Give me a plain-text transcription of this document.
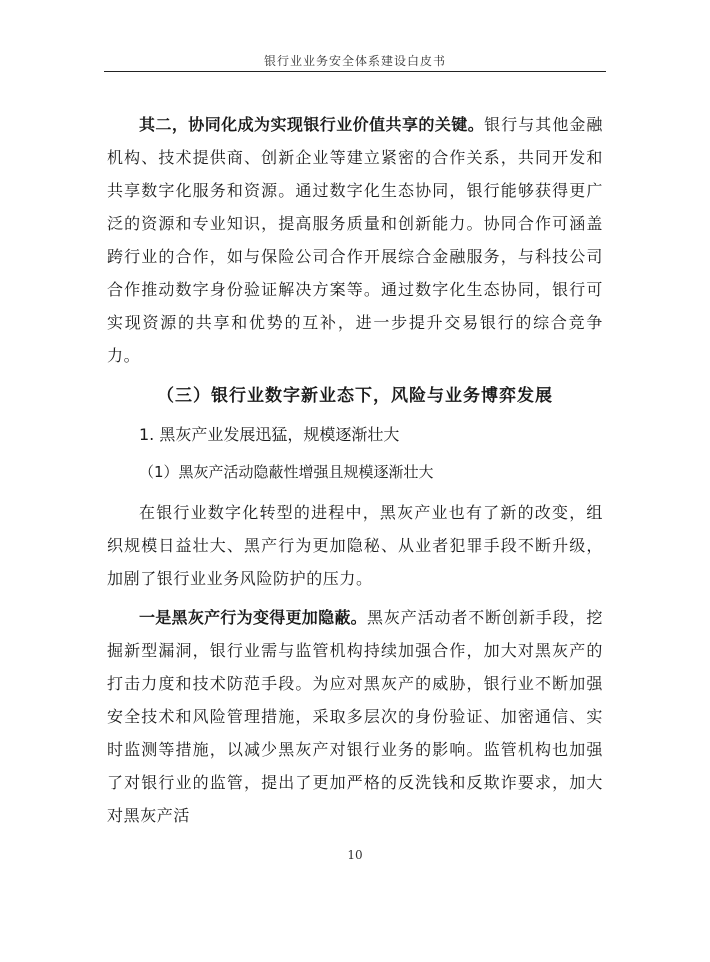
银行业业务安全体系建设白皮书

其二，协同化成为实现银行业价值共享的关键。银行与其他金融机构、技术提供商、创新企业等建立紧密的合作关系，共同开发和共享数字化服务和资源。通过数字化生态协同，银行能够获得更广泛的资源和专业知识，提高服务质量和创新能力。协同合作可涵盖跨行业的合作，如与保险公司合作开展综合金融服务，与科技公司合作推动数字身份验证解决方案等。通过数字化生态协同，银行可实现资源的共享和优势的互补，进一步提升交易银行的综合竞争力。

（三）银行业数字新业态下，风险与业务博弈发展
1. 黑灰产业发展迅猛，规模逐渐壮大
（1）黑灰产活动隐蔽性增强且规模逐渐壮大

在银行业数字化转型的进程中，黑灰产业也有了新的改变，组织规模日益壮大、黑产行为更加隐秘、从业者犯罪手段不断升级，加剧了银行业业务风险防护的压力。

一是黑灰产行为变得更加隐蔽。黑灰产活动者不断创新手段，挖掘新型漏洞，银行业需与监管机构持续加强合作，加大对黑灰产的打击力度和技术防范手段。为应对黑灰产的威胁，银行业不断加强安全技术和风险管理措施，采取多层次的身份验证、加密通信、实时监测等措施，以减少黑灰产对银行业务的影响。监管机构也加强了对银行业的监管，提出了更加严格的反洗钱和反欺诈要求，加大对黑灰产活

10
